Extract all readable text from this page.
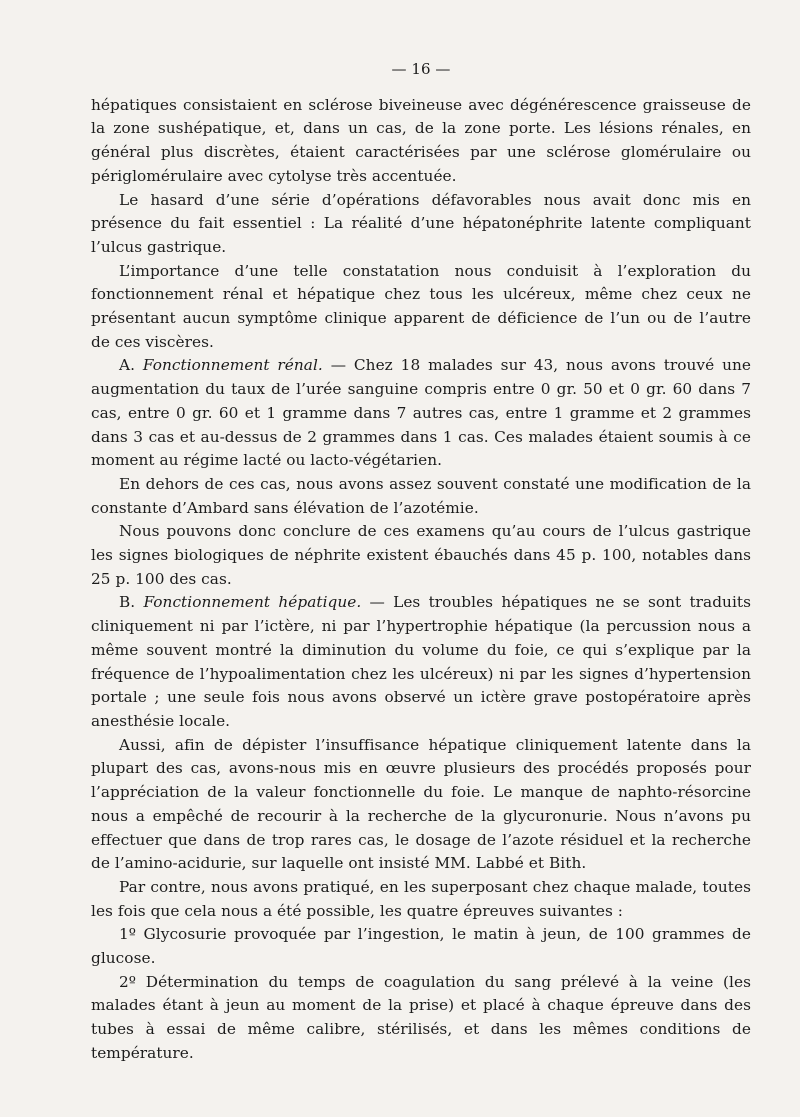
— 16 —

hépatiques consistaient en sclérose biveineuse avec dégénérescence graisseuse de la zone sushépatique, et, dans un cas, de la zone porte. Les lésions rénales, en général plus discrètes, étaient caractérisées par une sclérose glomérulaire ou périglomérulaire avec cytolyse très accentuée.

Le hasard d’une série d’opérations défavorables nous avait donc mis en présence du fait essentiel : La réalité d’une hépatonéphrite latente compliquant l’ulcus gastrique.

L’importance d’une telle constatation nous conduisit à l’exploration du fonctionnement rénal et hépatique chez tous les ulcéreux, même chez ceux ne présentant aucun symptôme clinique apparent de déficience de l’un ou de l’autre de ces viscères.

A. Fonctionnement rénal. — Chez 18 malades sur 43, nous avons trouvé une augmentation du taux de l’urée sanguine compris entre 0 gr. 50 et 0 gr. 60 dans 7 cas, entre 0 gr. 60 et 1 gramme dans 7 autres cas, entre 1 gramme et 2 grammes dans 3 cas et au-dessus de 2 grammes dans 1 cas. Ces malades étaient soumis à ce moment au régime lacté ou lacto-végétarien.

En dehors de ces cas, nous avons assez souvent constaté une modification de la constante d’Ambard sans élévation de l’azotémie.

Nous pouvons donc conclure de ces examens qu’au cours de l’ulcus gastrique les signes biologiques de néphrite existent ébauchés dans 45 p. 100, notables dans 25 p. 100 des cas.

B. Fonctionnement hépatique. — Les troubles hépatiques ne se sont traduits cliniquement ni par l’ictère, ni par l’hypertrophie hépatique (la percussion nous a même souvent montré la diminution du volume du foie, ce qui s’explique par la fréquence de l’hypoalimentation chez les ulcéreux) ni par les signes d’hypertension portale ; une seule fois nous avons observé un ictère grave postopératoire après anesthésie locale.

Aussi, afin de dépister l’insuffisance hépatique cliniquement latente dans la plupart des cas, avons-nous mis en œuvre plusieurs des procédés proposés pour l’appréciation de la valeur fonctionnelle du foie. Le manque de naphto-résorcine nous a empêché de recourir à la recherche de la glycuronurie. Nous n’avons pu effectuer que dans de trop rares cas, le dosage de l’azote résiduel et la recherche de l’amino-acidurie, sur laquelle ont insisté MM. Labbé et Bith.

Par contre, nous avons pratiqué, en les superposant chez chaque malade, toutes les fois que cela nous a été possible, les quatre épreuves suivantes :

1º Glycosurie provoquée par l’ingestion, le matin à jeun, de 100 grammes de glucose.

2º Détermination du temps de coagulation du sang prélevé à la veine (les malades étant à jeun au moment de la prise) et placé à chaque épreuve dans des tubes à essai de même calibre, stérilisés, et dans les mêmes conditions de température.
